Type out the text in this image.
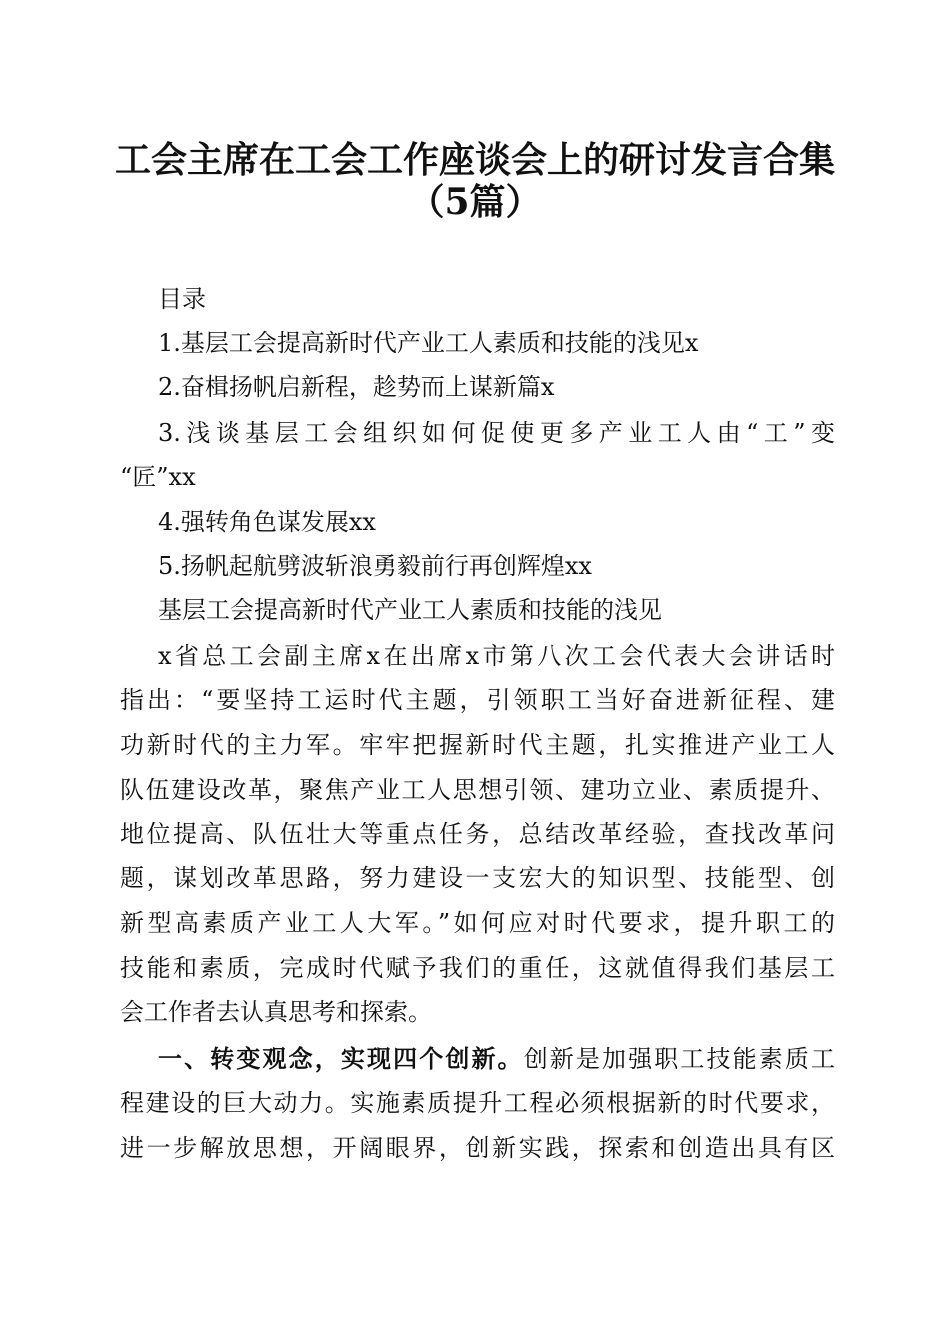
工会主席在工会工作座谈会上的研讨发言合集
（5篇）
目录
1.基层工会提高新时代产业工人素质和技能的浅见x
2.奋楫扬帆启新程，趁势而上谋新篇x
3.浅谈基层工会组织如何促使更多产业工人由“工”变
“匠”xx
4.强转角色谋发展xx
5.扬帆起航劈波斩浪勇毅前行再创辉煌xx
基层工会提高新时代产业工人素质和技能的浅见
x省总工会副主席x在出席x市第八次工会代表大会讲话时
指出：“要坚持工运时代主题，引领职工当好奋进新征程、建
功新时代的主力军。牢牢把握新时代主题，扎实推进产业工人
队伍建设改革，聚焦产业工人思想引领、建功立业、素质提升、
地位提高、队伍壮大等重点任务，总结改革经验，查找改革问
题，谋划改革思路，努力建设一支宏大的知识型、技能型、创
新型高素质产业工人大军。”如何应对时代要求，提升职工的
技能和素质，完成时代赋予我们的重任，这就值得我们基层工
会工作者去认真思考和探索。
一、转变观念，实现四个创新。创新是加强职工技能素质工
程建设的巨大动力。实施素质提升工程必须根据新的时代要求，
进一步解放思想，开阔眼界，创新实践，探索和创造出具有区
